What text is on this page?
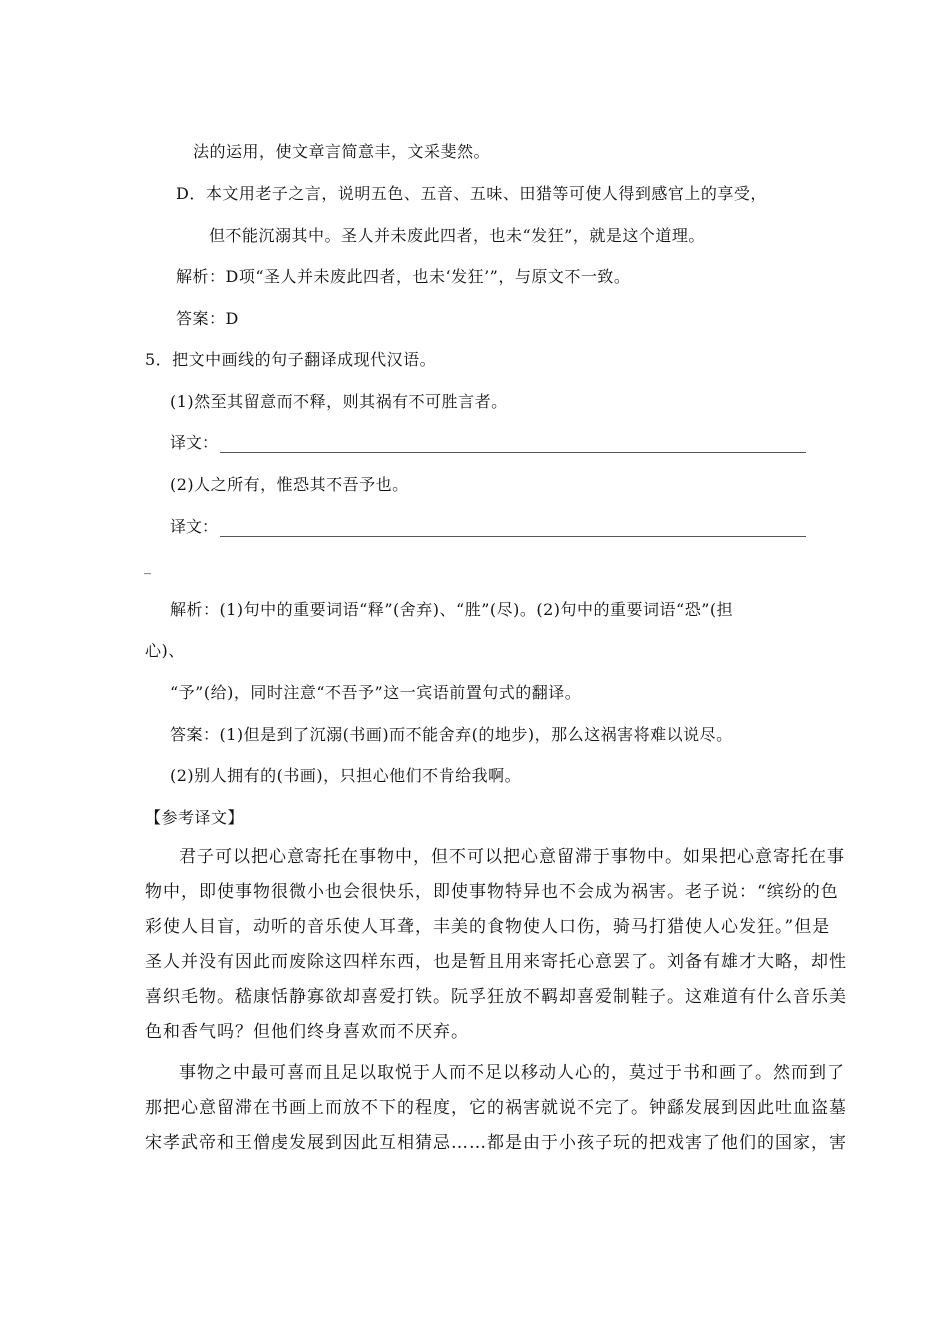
法的运用，使文章言简意丰，文采斐然。
D．本文用老子之言，说明五色、五音、五味、田猎等可使人得到感官上的享受，
但不能沉溺其中。圣人并未废此四者，也未“发狂”，就是这个道理。
解析：D项“圣人并未废此四者，也未‘发狂’”，与原文不一致。
答案：D
5．把文中画线的句子翻译成现代汉语。
(1)然至其留意而不释，则其祸有不可胜言者。
译文：
(2)人之所有，惟恐其不吾予也。
译文：
_
解析：(1)句中的重要词语“释”(舍弃)、“胜”(尽)。(2)句中的重要词语“恐”(担
心)、
“予”(给)，同时注意“不吾予”这一宾语前置句式的翻译。
答案：(1)但是到了沉溺(书画)而不能舍弃(的地步)，那么这祸害将难以说尽。
(2)别人拥有的(书画)，只担心他们不肯给我啊。
【参考译文】
君子可以把心意寄托在事物中，但不可以把心意留滞于事物中。如果把心意寄托在事
物中，即使事物很微小也会很快乐，即使事物特异也不会成为祸害。老子说：“缤纷的色
彩使人目盲，动听的音乐使人耳聋，丰美的食物使人口伤，骑马打猎使人心发狂。”但是
圣人并没有因此而废除这四样东西，也是暂且用来寄托心意罢了。刘备有雄才大略，却性
喜织毛物。嵇康恬静寡欲却喜爱打铁。阮孚狂放不羁却喜爱制鞋子。这难道有什么音乐美
色和香气吗？但他们终身喜欢而不厌弃。
事物之中最可喜而且足以取悦于人而不足以移动人心的，莫过于书和画了。然而到了
那把心意留滞在书画上而放不下的程度，它的祸害就说不完了。钟繇发展到因此吐血盗墓
宋孝武帝和王僧虔发展到因此互相猜忌……都是由于小孩子玩的把戏害了他们的国家，害
